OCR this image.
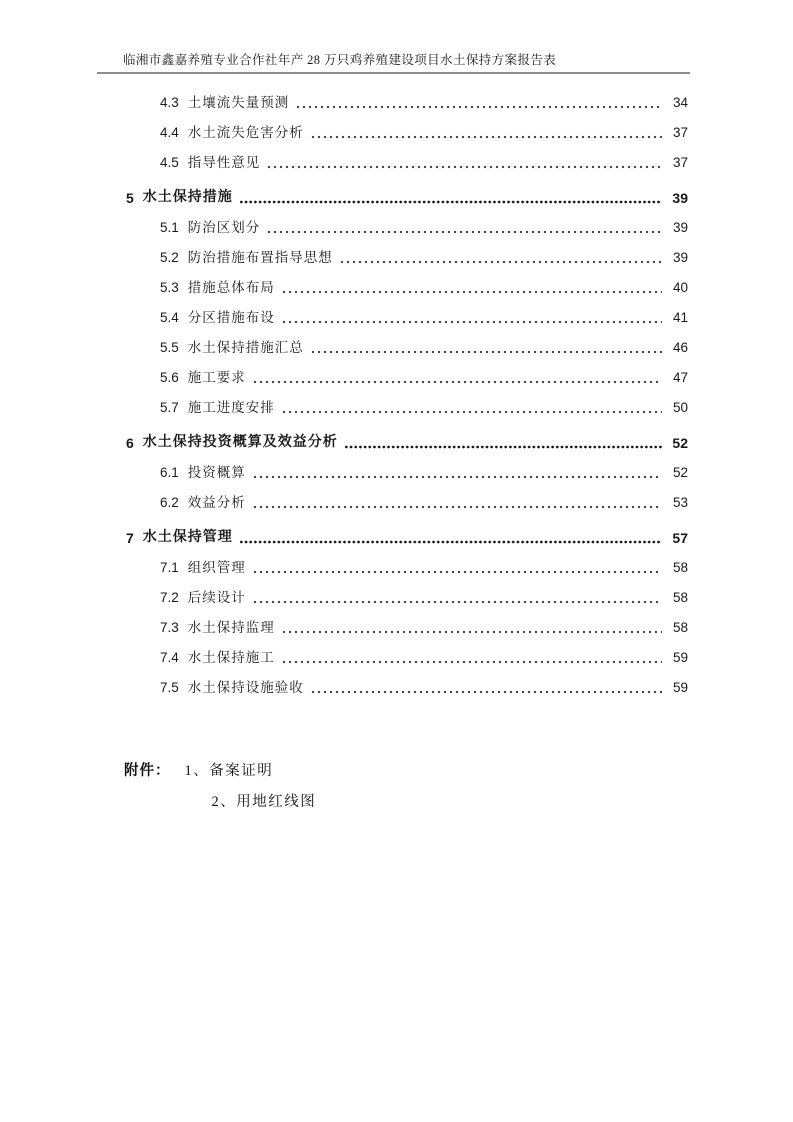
临湘市鑫嘉养殖专业合作社年产 28 万只鸡养殖建设项目水土保持方案报告表
4.3 土壤流失量预测	34
4.4 水土流失危害分析	37
4.5 指导性意见	37
5 水土保持措施	39
5.1 防治区划分	39
5.2 防治措施布置指导思想	39
5.3 措施总体布局	40
5.4 分区措施布设	41
5.5 水土保持措施汇总	46
5.6 施工要求	47
5.7 施工进度安排	50
6 水土保持投资概算及效益分析	52
6.1 投资概算	52
6.2 效益分析	53
7 水土保持管理	57
7.1 组织管理	58
7.2 后续设计	58
7.3 水土保持监理	58
7.4 水土保持施工	59
7.5 水土保持设施验收	59
附件： 1、备案证明
2、用地红线图
